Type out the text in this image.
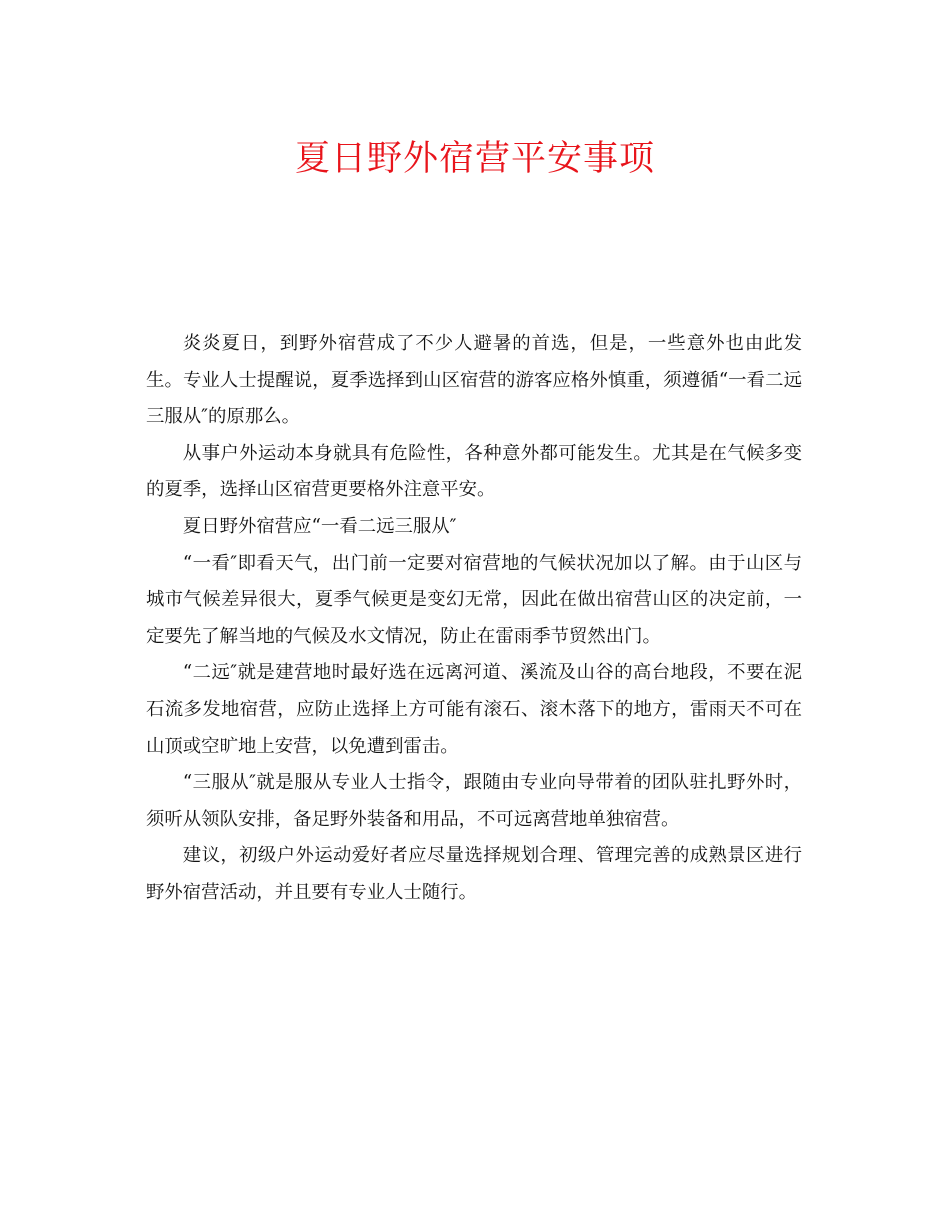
夏日野外宿营平安事项

炎炎夏日，到野外宿营成了不少人避暑的首选，但是，一些意外也由此发生。专业人士提醒说，夏季选择到山区宿营的游客应格外慎重，须遵循“一看二远三服从″的原那么。

从事户外运动本身就具有危险性，各种意外都可能发生。尤其是在气候多变的夏季，选择山区宿营更要格外注意平安。

夏日野外宿营应“一看二远三服从″

“一看″即看天气，出门前一定要对宿营地的气候状况加以了解。由于山区与城市气候差异很大，夏季气候更是变幻无常，因此在做出宿营山区的决定前，一定要先了解当地的气候及水文情况，防止在雷雨季节贸然出门。

“二远″就是建营地时最好选在远离河道、溪流及山谷的高台地段，不要在泥石流多发地宿营，应防止选择上方可能有滚石、滚木落下的地方，雷雨天不可在山顶或空旷地上安营，以免遭到雷击。

“三服从″就是服从专业人士指令，跟随由专业向导带着的团队驻扎野外时，须听从领队安排，备足野外装备和用品，不可远离营地单独宿营。

建议，初级户外运动爱好者应尽量选择规划合理、管理完善的成熟景区进行野外宿营活动，并且要有专业人士随行。
